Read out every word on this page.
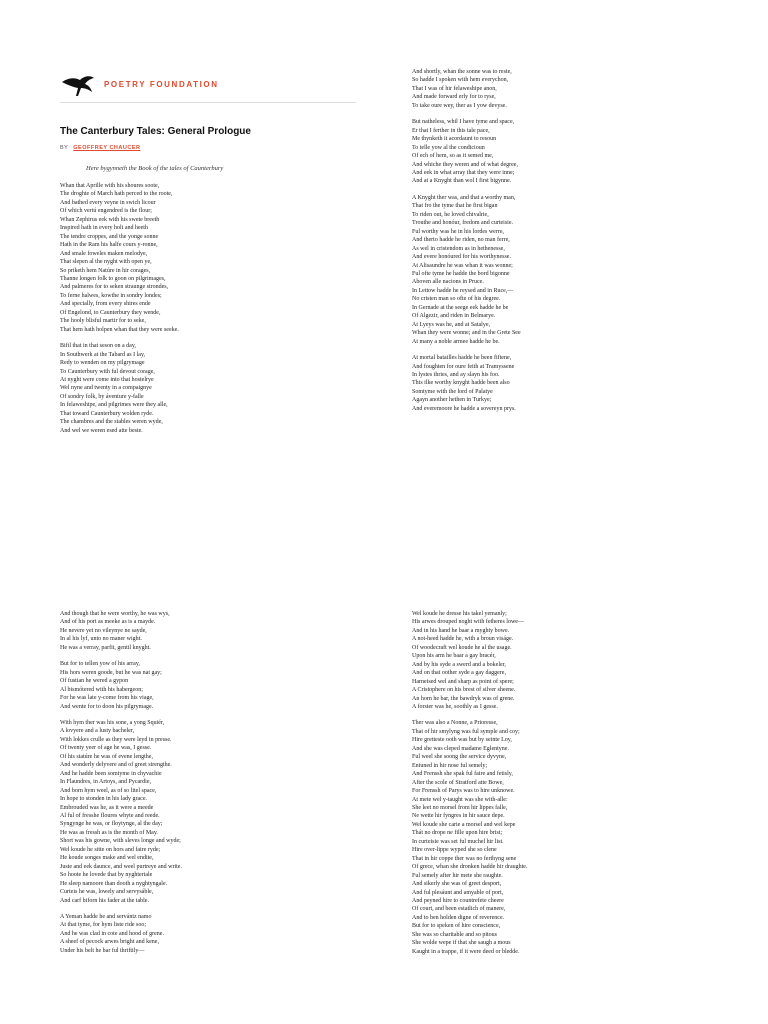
POETRY FOUNDATION
The Canterbury Tales: General Prologue
BY GEOFFREY CHAUCER
Here bygynneth the Book of the tales of Caunterbury
Whan that Aprille with his shoures soote,
The droghte of March hath perced to the roote,
And bathed every veyne in swich licour
Of which vertú engendred is the flour;
Whan Zephirus eek with his swete breeth
Inspired hath in every holt and heeth
The tendre croppes, and the yonge sonne
Hath in the Ram his halfe cours y-ronne,
And smale foweles maken melodye,
That slepen al the nyght with open ye,
So priketh hem Natúre in hir corages,
Thanne longen folk to goon on pilgrimages,
And palmeres for to seken straunge strondes,
To ferne halwes, kowthe in sondry londes;
And specially, from every shires ende
Of Engelond, to Caunterbury they wende,
The hooly blisful martir for to seke,
That hem hath holpen whan that they were seeke.
Bifil that in that seson on a day,
In Southwerk at the Tabard as I lay,
Redy to wenden on my pilgrymage
To Caunterbury with ful devout corage,
At nyght were come into that hostelrye
Wel nyne and twenty in a compaignye
Of sondry folk, by áventure y-falle
In felaweshipe, and pilgrimes were they alle,
That toward Caunterbury wolden ryde.
The chambres and the stables weren wyde,
And wel we weren esed atte beste.
And shortly, whan the sonne was to reste,
So hadde I spoken with hem everychon,
That I was of hir felaweshipe anon,
And made forward erly for to ryse,
To take oure wey, ther as I yow devyse.
But natheless, whil I have tyme and space,
Er that I ferther in this tale pace,
Me thynketh it acordaunt to resoun
To telle yow al the condicioun
Of ech of hem, so as it semed me,
And whiche they weren and of what degree,
And eek in what array that they were inne;
And at a Knyght than wol I first bigynne.
A Knyght ther was, and that a worthy man,
That fro the tyme that he first bigan
To riden out, he loved chivalrie,
Trouthe and honóur, fredom and curteisie.
Ful worthy was he in his lordes werre,
And therto hadde he riden, no man ferre,
As wel in cristendom as in hethenesse,
And evere honóured for his worthynesse.
At Alisaundre he was whan it was wonne;
Ful ofte tyme he hadde the bord bigonne
Aboven alle nacions in Pruce.
In Lettow hadde he reysed and in Ruce,—
No cristen man so ofte of his degree.
In Gernade at the seege eek hadde he be
Of Algezir, and riden in Belmarye.
At Lyeys was he, and at Satalye,
Whan they were wonne; and in the Grete See
At many a noble armee hadde he be.
At mortal batailles hadde he been fiftene,
And foughten for oure feith at Tramyssene
In lystes thries, and ay slayn his foo.
This ilke worthy knyght hadde been also
Somtyme with the lord of Palatye
Agayn another hethen in Turkye;
And everemoore he hadde a sovereyn prys.
And though that he were worthy, he was wys,
And of his port as meeke as is a mayde.
He nevere yet no vileynye ne sayde,
In al his lyf, unto no maner wight.
He was a verray, parfit, gentil knyght.
But for to tellen yow of his array,
His hors weren goode, but he was nat gay;
Of fustian he wered a gypon
Al bismótered with his habergeon;
For he was late y-come from his viage,
And wente for to doon his pilgrymage.
With hym ther was his sone, a yong Squiér,
A lovyere and a lusty bacheler,
With lokkes crulle as they were leyd in presse.
Of twenty yeer of age he was, I gesse.
Of his statúre he was of evene lengthe,
And wonderly delyvere and of greet strengthe.
And he hadde been somtyme in chyvachie
In Flaundres, in Artoys, and Pycardie,
And born hym weel, as of so litel space,
In hope to stonden in his lady grace.
Embrouded was he, as it were a meede
Al ful of fresshe floures whyte and reede.
Syngynge he was, or floytynge, al the day;
He was as fressh as is the month of May.
Short was his gowne, with sleves longe and wyde;
Wel koude he sitte on hors and faire ryde;
He koude songes make and wel endite,
Juste and eek daunce, and weel purtreye and write.
So hoote he lovede that by nyghtertale
He sleep namoore than dooth a nyghtyngale.
Curteis he was, lowely and servysáble,
And carf biforn his fader at the table.
A Yeman hadde he and servántz namo
At that tyme, for hym liste ride soo;
And he was clad in cote and hood of grene.
A sheef of pecock arwes bright and kene,
Under his belt he bar ful thriftily—
Wel koude he dresse his takel yemanly;
His arwes drouped noght with fetheres lowe—
And in his hand he baar a myghty bowe.
A not-heed hadde he, with a broun viságe.
Of woodecraft wel koude he al the usage.
Upon his arm he baar a gay bracér,
And by his syde a swerd and a bokeler,
And on that oother syde a gay daggere,
Harneised wel and sharp as point of spere;
A Cristophere on his brest of silver sheene.
An horn he bar, the bawdryk was of grene.
A forster was he, soothly as I gesse.
Ther was also a Nonne, a Prioresse,
That of hir smylyng was ful symple and coy;
Hire gretteste ooth was but by seinte Loy,
And she was cleped madame Eglentyne.
Ful weel she soong the service dyvyne,
Entuned in hir nose ful semely;
And Frenssh she spak ful faire and fetisly,
After the scole of Stratford atte Bowe,
For Frenssh of Parys was to hire unknowe.
At mete wel y-taught was she with-alle:
She leet no morsel from hir lippes falle,
Ne wette hir fyngres in hir sauce depe.
Wel koude she carie a morsel and wel kepe
Thát no drope ne fille upon hire brist;
In curteisie was set ful muchel hir list.
Hire over-lippe wyped she so clene
That in hir coppe ther was no ferthyng sene
Of grece, whan she dronken hadde hir draughte.
Ful semely after hir mete she raughte.
And sikerly she was of greet desport,
And ful plesáunt and amyable of port,
And peyned hire to countrefete cheere
Of court, and been estatlich of manere,
And to ben holden digne of reverence.
But for to speken of hire conscience,
She was so charitable and so pitous
She wolde wepe if that she saugh a mous
Kaught in a trappe, if it were deed or bledde.
